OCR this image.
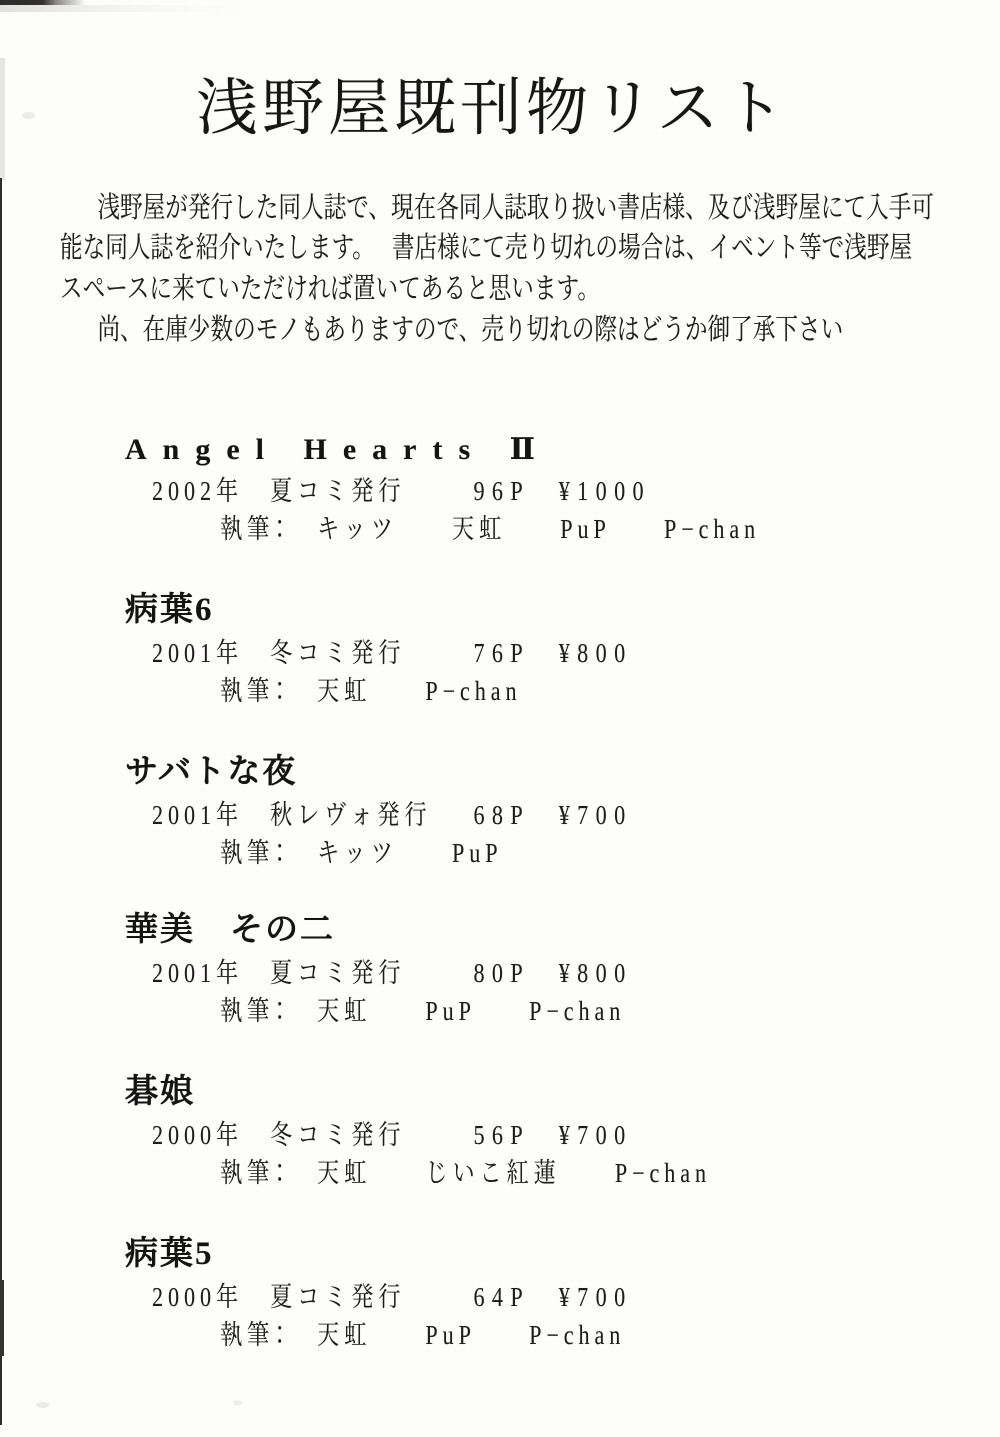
浅野屋既刊物リスト
浅野屋が発行した同人誌で、現在各同人誌取り扱い書店様、及び浅野屋にて入手可
能な同人誌を紹介いたします。　 書店様にて売り切れの場合は、イベント等で浅野屋
スペースに来ていただければ置いてあると思います。
尚、在庫少数のモノもありますので、売り切れの際はどうか御了承下さい
Angel Hearts Ⅱ
2002年　夏コミ発行	96P　¥1000
執筆：　キッツ　　天虹　　PuP　　P−chan
病葉6
2001年　冬コミ発行	76P　¥800
執筆：　天虹　　P−chan
サバトな夜
2001年　秋レヴォ発行	68P　¥700
執筆：　キッツ　　PuP
華美　その二
2001年　夏コミ発行	80P　¥800
執筆：　天虹　　PuP　　P−chan
碁娘
2000年　冬コミ発行	56P　¥700
執筆：　天虹　　じいこ紅蓮　　P−chan
病葉5
2000年　夏コミ発行	64P　¥700
執筆：　天虹　　PuP　　P−chan
